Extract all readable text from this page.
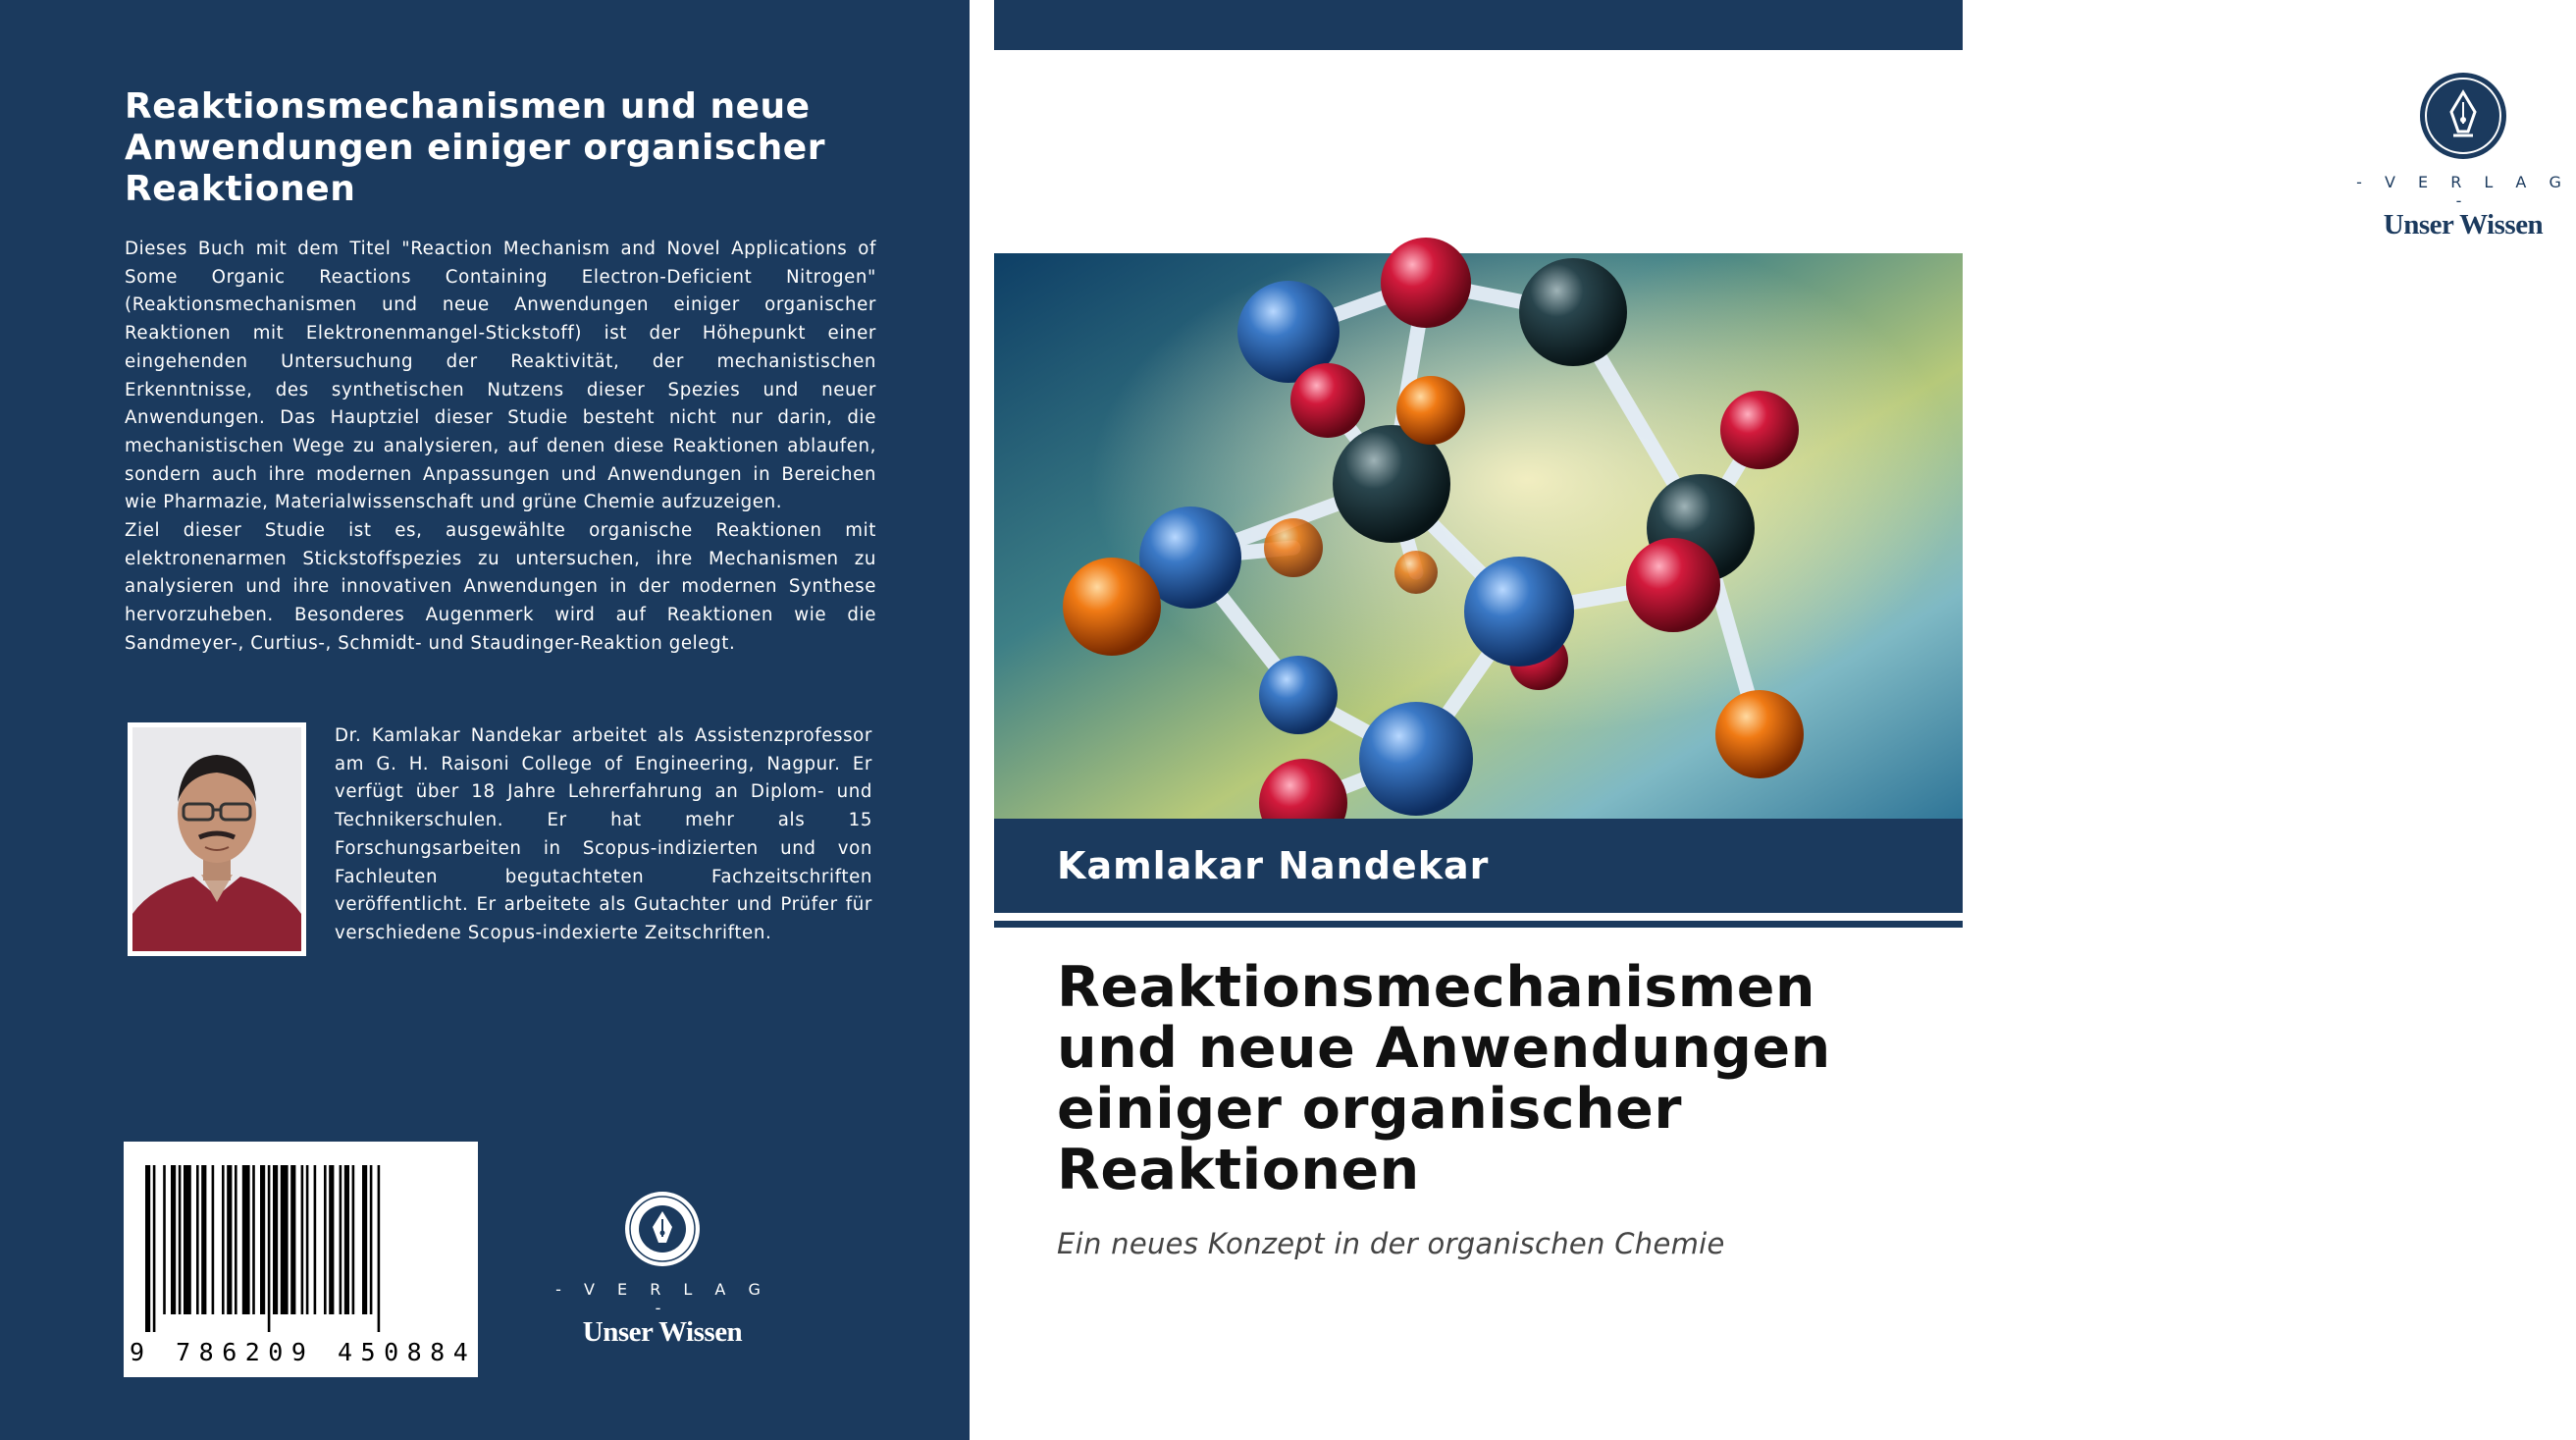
Reaktionsmechanismen und neue Anwendungen einiger organischer Reaktionen

Dieses Buch mit dem Titel "Reaction Mechanism and Novel Applications of Some Organic Reactions Containing Electron-Deficient Nitrogen" (Reaktionsmechanismen und neue Anwendungen einiger organischer Reaktionen mit Elektronenmangel-Stickstoff) ist der Höhepunkt einer eingehenden Untersuchung der Reaktivität, der mechanistischen Erkenntnisse, des synthetischen Nutzens dieser Spezies und neuer Anwendungen. Das Hauptziel dieser Studie besteht nicht nur darin, die mechanistischen Wege zu analysieren, auf denen diese Reaktionen ablaufen, sondern auch ihre modernen Anpassungen und Anwendungen in Bereichen wie Pharmazie, Materialwissenschaft und grüne Chemie aufzuzeigen.

Ziel dieser Studie ist es, ausgewählte organische Reaktionen mit elektronenarmen Stickstoffspezies zu untersuchen, ihre Mechanismen zu analysieren und ihre innovativen Anwendungen in der modernen Synthese hervorzuheben. Besonderes Augenmerk wird auf Reaktionen wie die Sandmeyer-, Curtius-, Schmidt- und Staudinger-Reaktion gelegt.

Dr. Kamlakar Nandekar arbeitet als Assistenzprofessor am G. H. Raisoni College of Engineering, Nagpur. Er verfügt über 18 Jahre Lehrerfahrung an Diplom- und Technikerschulen. Er hat mehr als 15 Forschungsarbeiten in Scopus-indizierten und von Fachleuten begutachteten Fachzeitschriften veröffentlicht. Er arbeitete als Gutachter und Prüfer für verschiedene Scopus-indexierte Zeitschriften.
9 786209 450884
- V E R L A G -
Unser Wissen
- V E R L A G -
Unser Wissen
Kamlakar Nandekar
Reaktionsmechanismen und neue Anwendungen einiger organischer Reaktionen
Ein neues Konzept in der organischen Chemie
